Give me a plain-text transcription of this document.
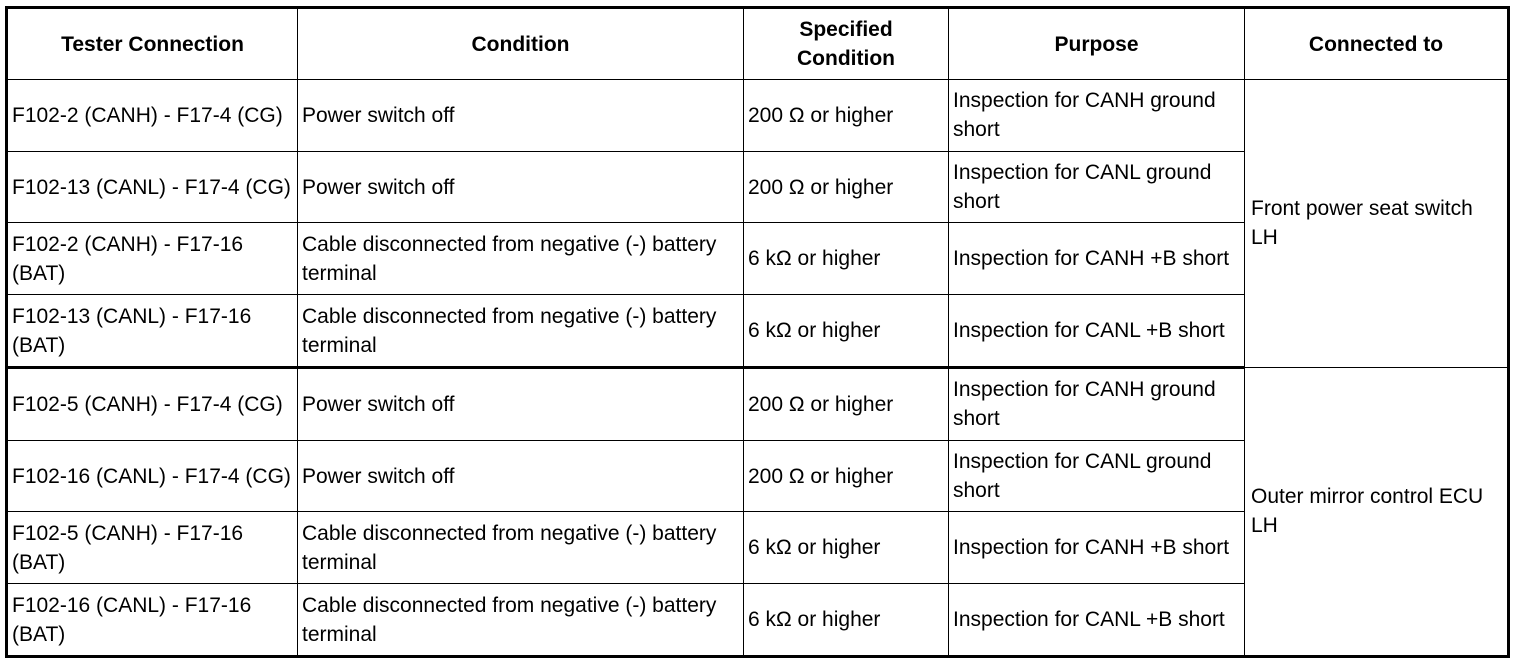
Tester Connection	Condition	Specified Condition	Purpose	Connected to
F102-2 (CANH) - F17-4 (CG)	Power switch off	200 Ω or higher	Inspection for CANH ground short	Front power seat switch LH
F102-13 (CANL) - F17-4 (CG)	Power switch off	200 Ω or higher	Inspection for CANL ground short	
F102-2 (CANH) - F17-16 (BAT)	Cable disconnected from negative (-) battery terminal	6 kΩ or higher	Inspection for CANH +B short	
F102-13 (CANL) - F17-16 (BAT)	Cable disconnected from negative (-) battery terminal	6 kΩ or higher	Inspection for CANL +B short	
F102-5 (CANH) - F17-4 (CG)	Power switch off	200 Ω or higher	Inspection for CANH ground short	Outer mirror control ECU LH
F102-16 (CANL) - F17-4 (CG)	Power switch off	200 Ω or higher	Inspection for CANL ground short	
F102-5 (CANH) - F17-16 (BAT)	Cable disconnected from negative (-) battery terminal	6 kΩ or higher	Inspection for CANH +B short	
F102-16 (CANL) - F17-16 (BAT)	Cable disconnected from negative (-) battery terminal	6 kΩ or higher	Inspection for CANL +B short	
